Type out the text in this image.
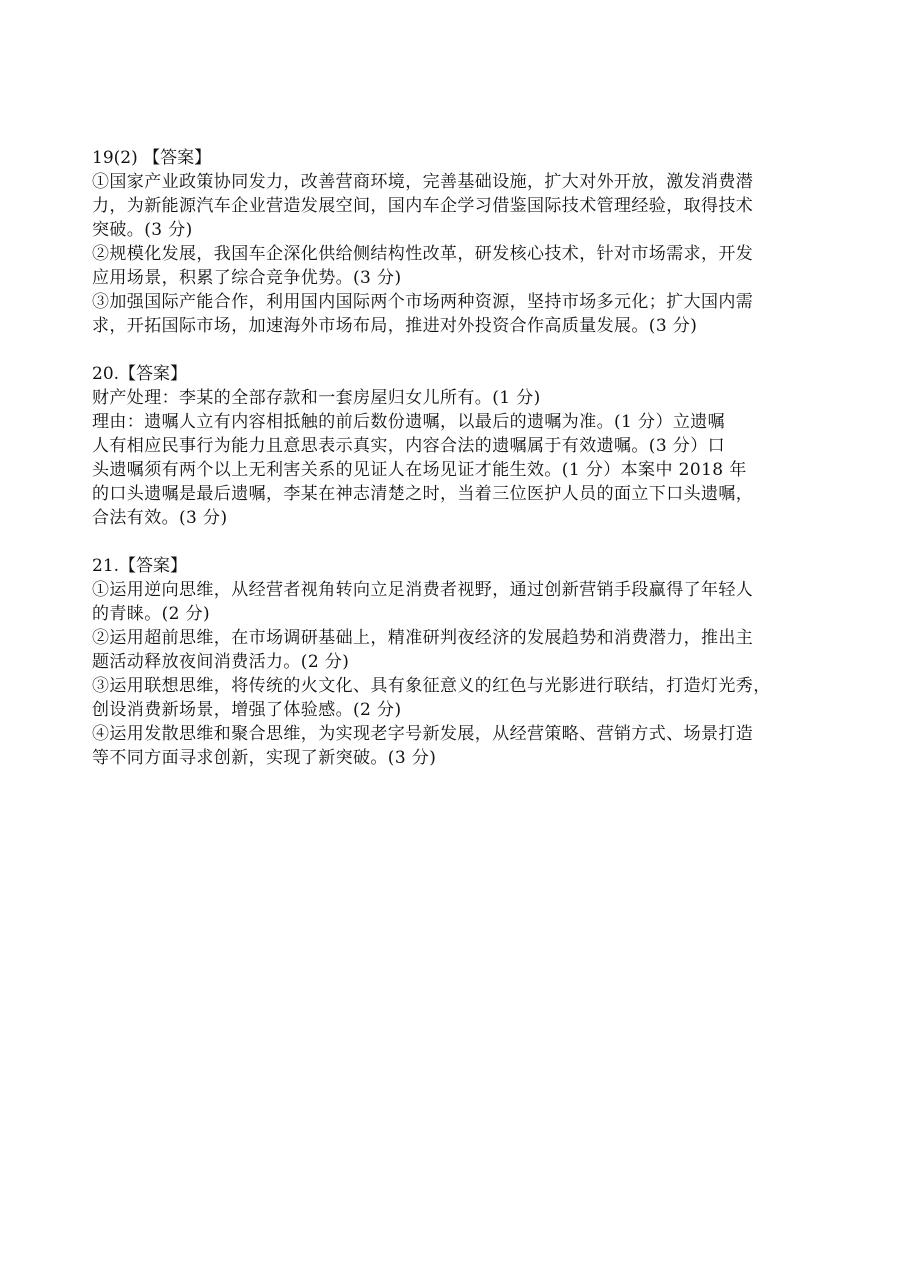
19(2) 【答案】
①国家产业政策协同发力，改善营商环境，完善基础设施，扩大对外开放，激发消费潜
力，为新能源汽车企业营造发展空间，国内车企学习借鉴国际技术管理经验，取得技术
突破。(3 分)
②规模化发展，我国车企深化供给侧结构性改革，研发核心技术，针对市场需求，开发
应用场景，积累了综合竞争优势。(3 分)
③加强国际产能合作，利用国内国际两个市场两种资源，坚持市场多元化；扩大国内需
求，开拓国际市场，加速海外市场布局，推进对外投资合作高质量发展。(3 分)
20.【答案】
财产处理：李某的全部存款和一套房屋归女儿所有。(1 分)
理由：遗嘱人立有内容相抵触的前后数份遗嘱，以最后的遗嘱为准。(1 分）立遗嘱
人有相应民事行为能力且意思表示真实，内容合法的遗嘱属于有效遗嘱。(3 分）口
头遗嘱须有两个以上无利害关系的见证人在场见证才能生效。(1 分）本案中 2018 年
的口头遗嘱是最后遗嘱，李某在神志清楚之时，当着三位医护人员的面立下口头遗嘱，
合法有效。(3 分)
21.【答案】
①运用逆向思维，从经营者视角转向立足消费者视野，通过创新营销手段赢得了年轻人
的青睐。(2 分)
②运用超前思维，在市场调研基础上，精准研判夜经济的发展趋势和消费潜力，推出主
题活动释放夜间消费活力。(2 分)
③运用联想思维，将传统的火文化、具有象征意义的红色与光影进行联结，打造灯光秀，
创设消费新场景，增强了体验感。(2 分)
④运用发散思维和聚合思维，为实现老字号新发展，从经营策略、营销方式、场景打造
等不同方面寻求创新，实现了新突破。(3 分)
